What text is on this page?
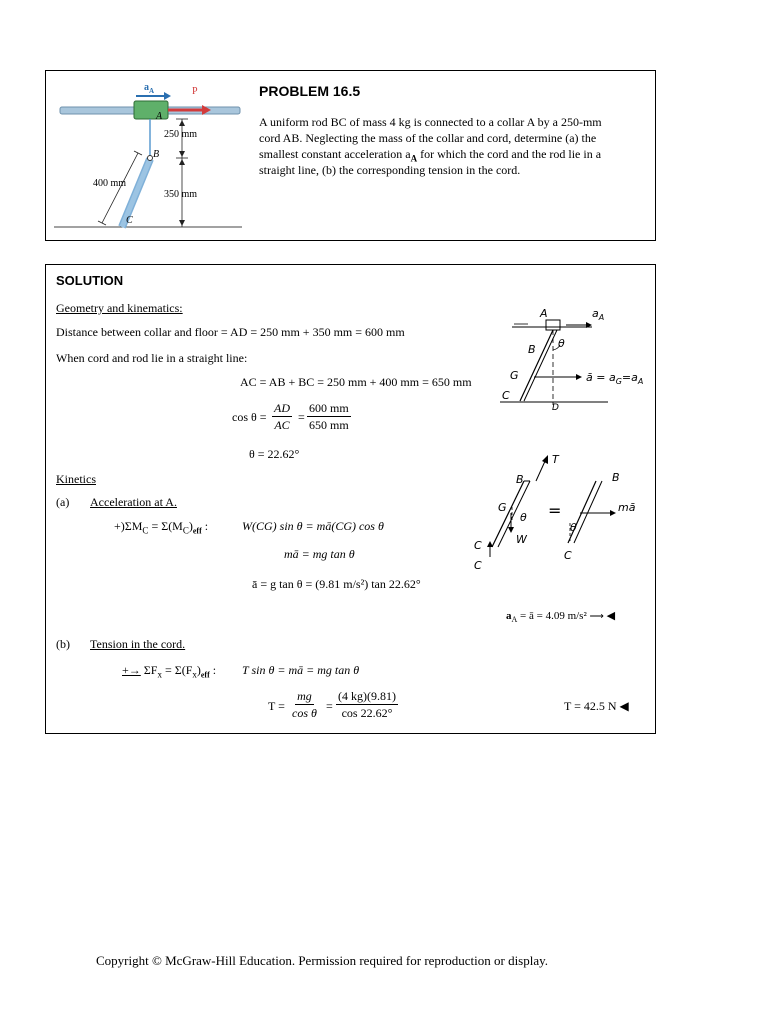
$a_A$	P
A
B
C
250 mm
350 mm
400 mm
PROBLEM 16.5
A uniform rod BC of mass 4 kg is connected to a collar A by a 250-mm
cord AB. Neglecting the mass of the collar and cord, determine (a) the
smallest constant acceleration $a_A$ for which the cord and the rod lie in a
straight line, (b) the corresponding tension in the cord.
SOLUTION
Geometry and kinematics:
Distance between collar and floor = AD = 250 mm + 350 mm = 600 mm
When cord and rod lie in a straight line:
AC = AB + BC = 250 mm + 400 mm = 650 mm
$\cos \theta = \frac{AD}{AC} = \frac{600 mm}{650 mm}$
θ = 22.62°
Kinetics
(a) Acceleration at A.
$+)\Sigma M_C = \Sigma(M_C)_{eff}$ :	W(CG) sin θ = mā(CG) cos θ
mā = mg tan θ
ā = g tan θ = (9.81 m/s²) tan 22.62°
$a_A$ = ā = 4.09 m/s² ⟶ ◀
(b) Tension in the cord.
+→ $\Sigma F_x = \Sigma(F_x)_{eff}$ : T sin θ = mā = mg tan θ
$T = \frac{mg}{\text{cos θ}} = \frac{(4 kg)(9.81)}{\cos 22.62^\circ}$	T = 42.5 N ◀
A	$a_A$
B θ
G
C
D
ā = $a_G=a_A$
T
B
G
θ
W
C
C
=
B
θ
mā
C
Copyright © McGraw-Hill Education. Permission required for reproduction or display.
